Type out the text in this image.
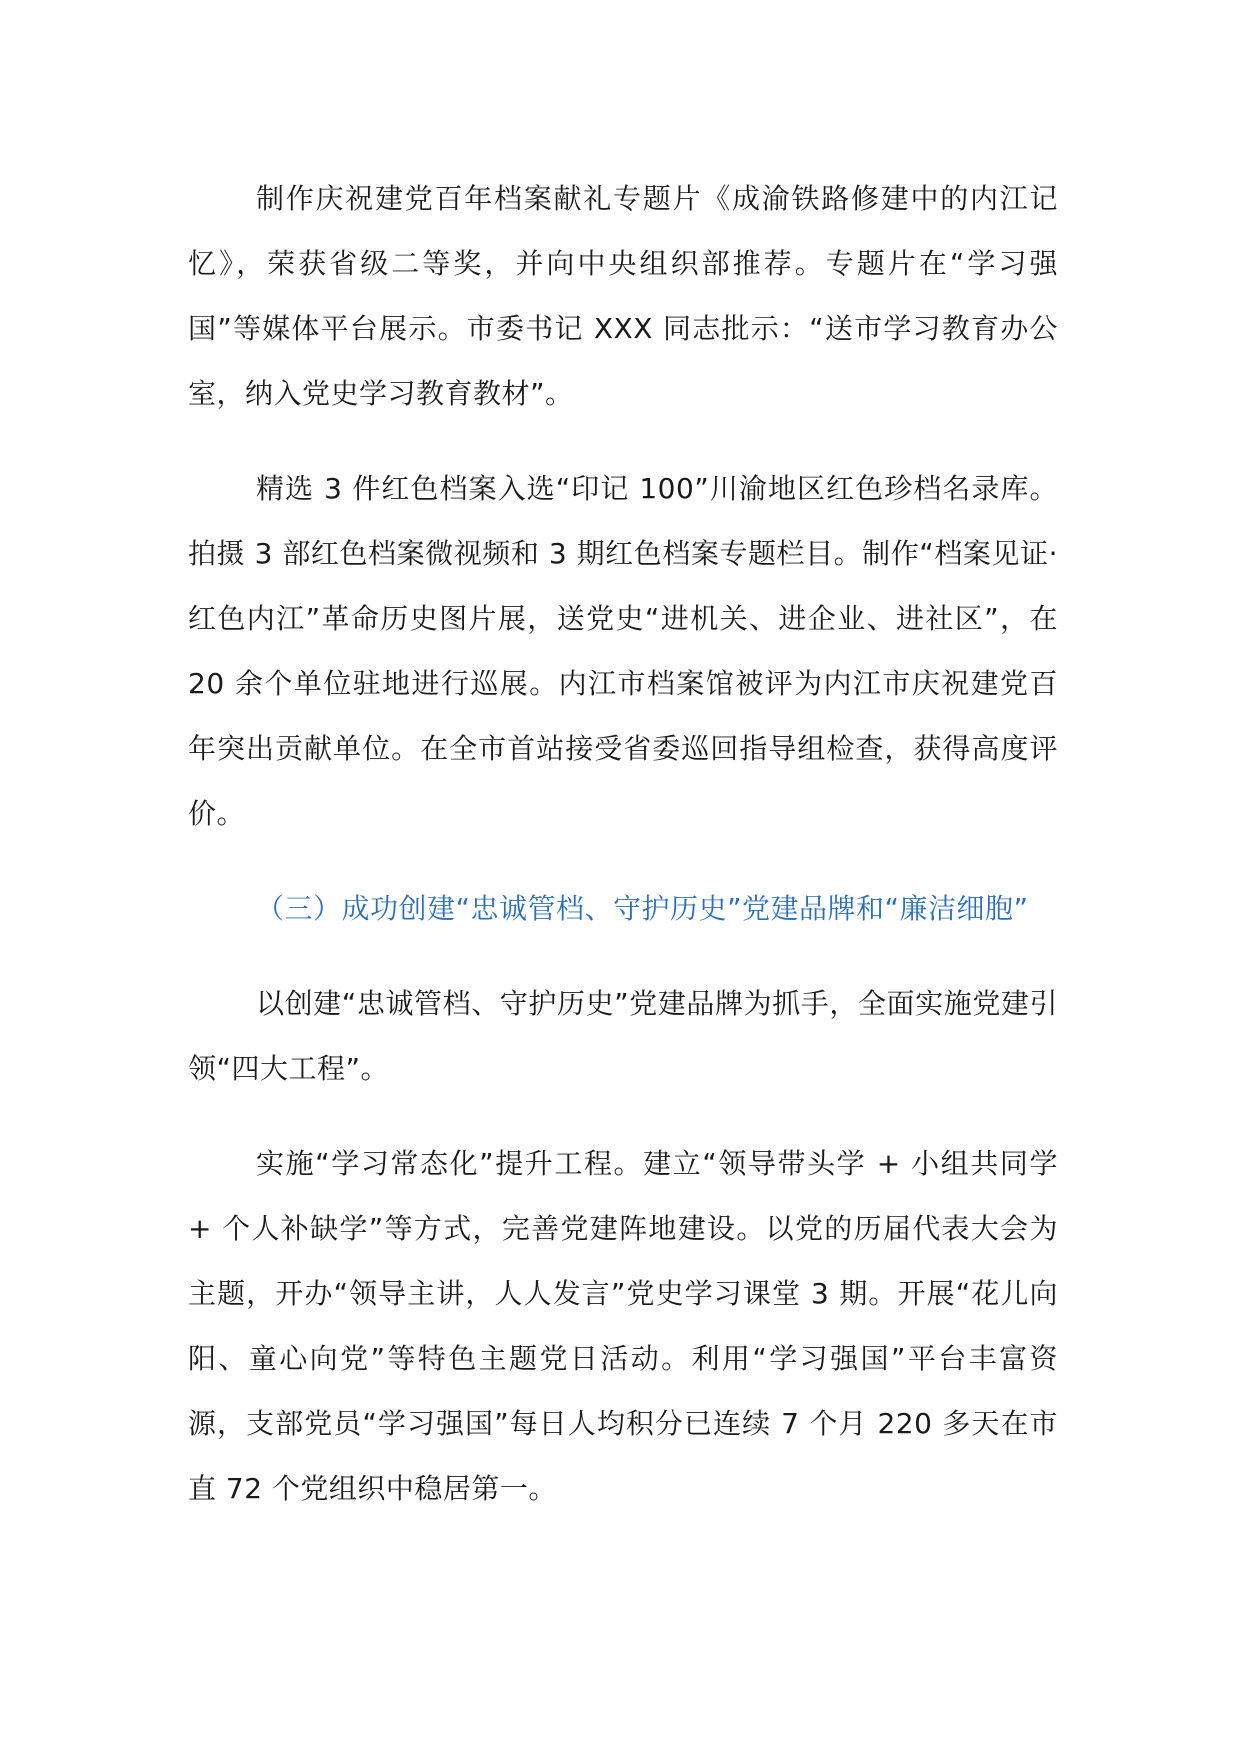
制作庆祝建党百年档案献礼专题片《成渝铁路修建中的内江记忆》，荣获省级二等奖，并向中央组织部推荐。专题片在“学习强国”等媒体平台展示。市委书记 XXX 同志批示：“送市学习教育办公室，纳入党史学习教育教材”。

精选 3 件红色档案入选“印记 100”川渝地区红色珍档名录库。拍摄 3 部红色档案微视频和 3 期红色档案专题栏目。制作“档案见证·红色内江”革命历史图片展，送党史“进机关、进企业、进社区”，在 20 余个单位驻地进行巡展。内江市档案馆被评为内江市庆祝建党百年突出贡献单位。在全市首站接受省委巡回指导组检查，获得高度评价。

（三）成功创建“忠诚管档、守护历史”党建品牌和“廉洁细胞”

以创建“忠诚管档、守护历史”党建品牌为抓手，全面实施党建引领“四大工程”。

实施“学习常态化”提升工程。建立“领导带头学 + 小组共同学 + 个人补缺学”等方式，完善党建阵地建设。以党的历届代表大会为主题，开办“领导主讲，人人发言”党史学习课堂 3 期。开展“花儿向阳、童心向党”等特色主题党日活动。利用“学习强国”平台丰富资源，支部党员“学习强国”每日人均积分已连续 7 个月 220 多天在市直 72 个党组织中稳居第一。
